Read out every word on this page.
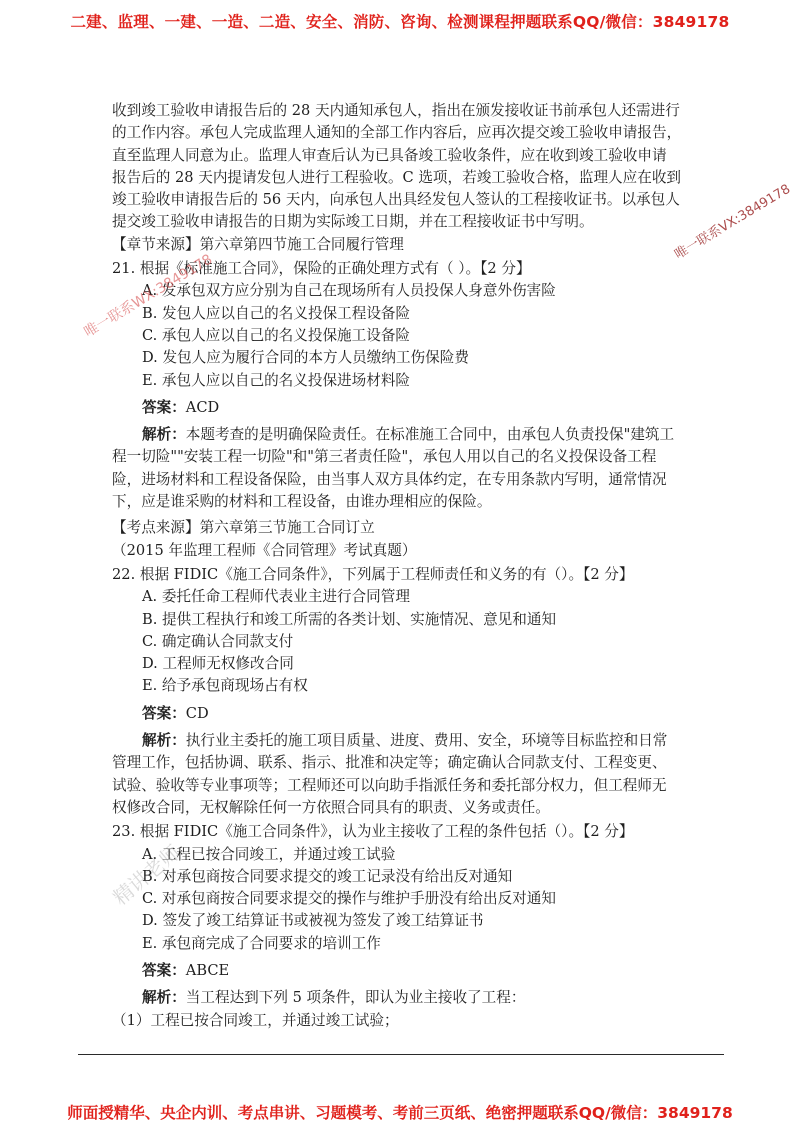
二建、监理、一建、一造、二造、安全、消防、咨询、检测课程押题联系QQ/微信：3849178

收到竣工验收申请报告后的 28 天内通知承包人，指出在颁发接收证书前承包人还需进行

的工作内容。承包人完成监理人通知的全部工作内容后，应再次提交竣工验收申请报告，

直至监理人同意为止。监理人审查后认为已具备竣工验收条件，应在收到竣工验收申请

报告后的 28 天内提请发包人进行工程验收。C 选项，若竣工验收合格，监理人应在收到

竣工验收申请报告后的 56 天内，向承包人出具经发包人签认的工程接收证书。以承包人

提交竣工验收申请报告的日期为实际竣工日期，并在工程接收证书中写明。

【章节来源】第六章第四节施工合同履行管理

21. 根据《标准施工合同》，保险的正确处理方式有（ ）。【2 分】

A. 发承包双方应分别为自己在现场所有人员投保人身意外伤害险

B. 发包人应以自己的名义投保工程设备险

C. 承包人应以自己的名义投保施工设备险

D. 发包人应为履行合同的本方人员缴纳工伤保险费

E. 承包人应以自己的名义投保进场材料险

答案：ACD

解析：本题考查的是明确保险责任。在标准施工合同中，由承包人负责投保"建筑工

程一切险""安装工程一切险"和"第三者责任险"，承包人用以自己的名义投保设备工程

险，进场材料和工程设备保险，由当事人双方具体约定，在专用条款内写明，通常情况

下，应是谁采购的材料和工程设备，由谁办理相应的保险。

【考点来源】第六章第三节施工合同订立

（2015 年监理工程师《合同管理》考试真题）

22. 根据 FIDIC《施工合同条件》，下列属于工程师责任和义务的有（）。【2 分】

A. 委托任命工程师代表业主进行合同管理

B. 提供工程执行和竣工所需的各类计划、实施情况、意见和通知

C. 确定确认合同款支付

D. 工程师无权修改合同

E. 给予承包商现场占有权

答案：CD

解析：执行业主委托的施工项目质量、进度、费用、安全，环境等目标监控和日常

管理工作，包括协调、联系、指示、批准和决定等；确定确认合同款支付、工程变更、

试验、验收等专业事项等；工程师还可以向助手指派任务和委托部分权力，但工程师无

权修改合同，无权解除任何一方依照合同具有的职责、义务或责任。

23. 根据 FIDIC《施工合同条件》，认为业主接收了工程的条件包括（）。【2 分】

A. 工程已按合同竣工，并通过竣工试验

B. 对承包商按合同要求提交的竣工记录没有给出反对通知

C. 对承包商按合同要求提交的操作与维护手册没有给出反对通知

D. 签发了竣工结算证书或被视为签发了竣工结算证书

E. 承包商完成了合同要求的培训工作

答案：ABCE

解析：当工程达到下列 5 项条件，即认为业主接收了工程：

（1）工程已按合同竣工，并通过竣工试验；

唯一联系WX:3849178
唯一联系VX:3849178
精讲老师
师面授精华、央企内训、考点串讲、习题模考、考前三页纸、绝密押题联系QQ/微信：3849178
